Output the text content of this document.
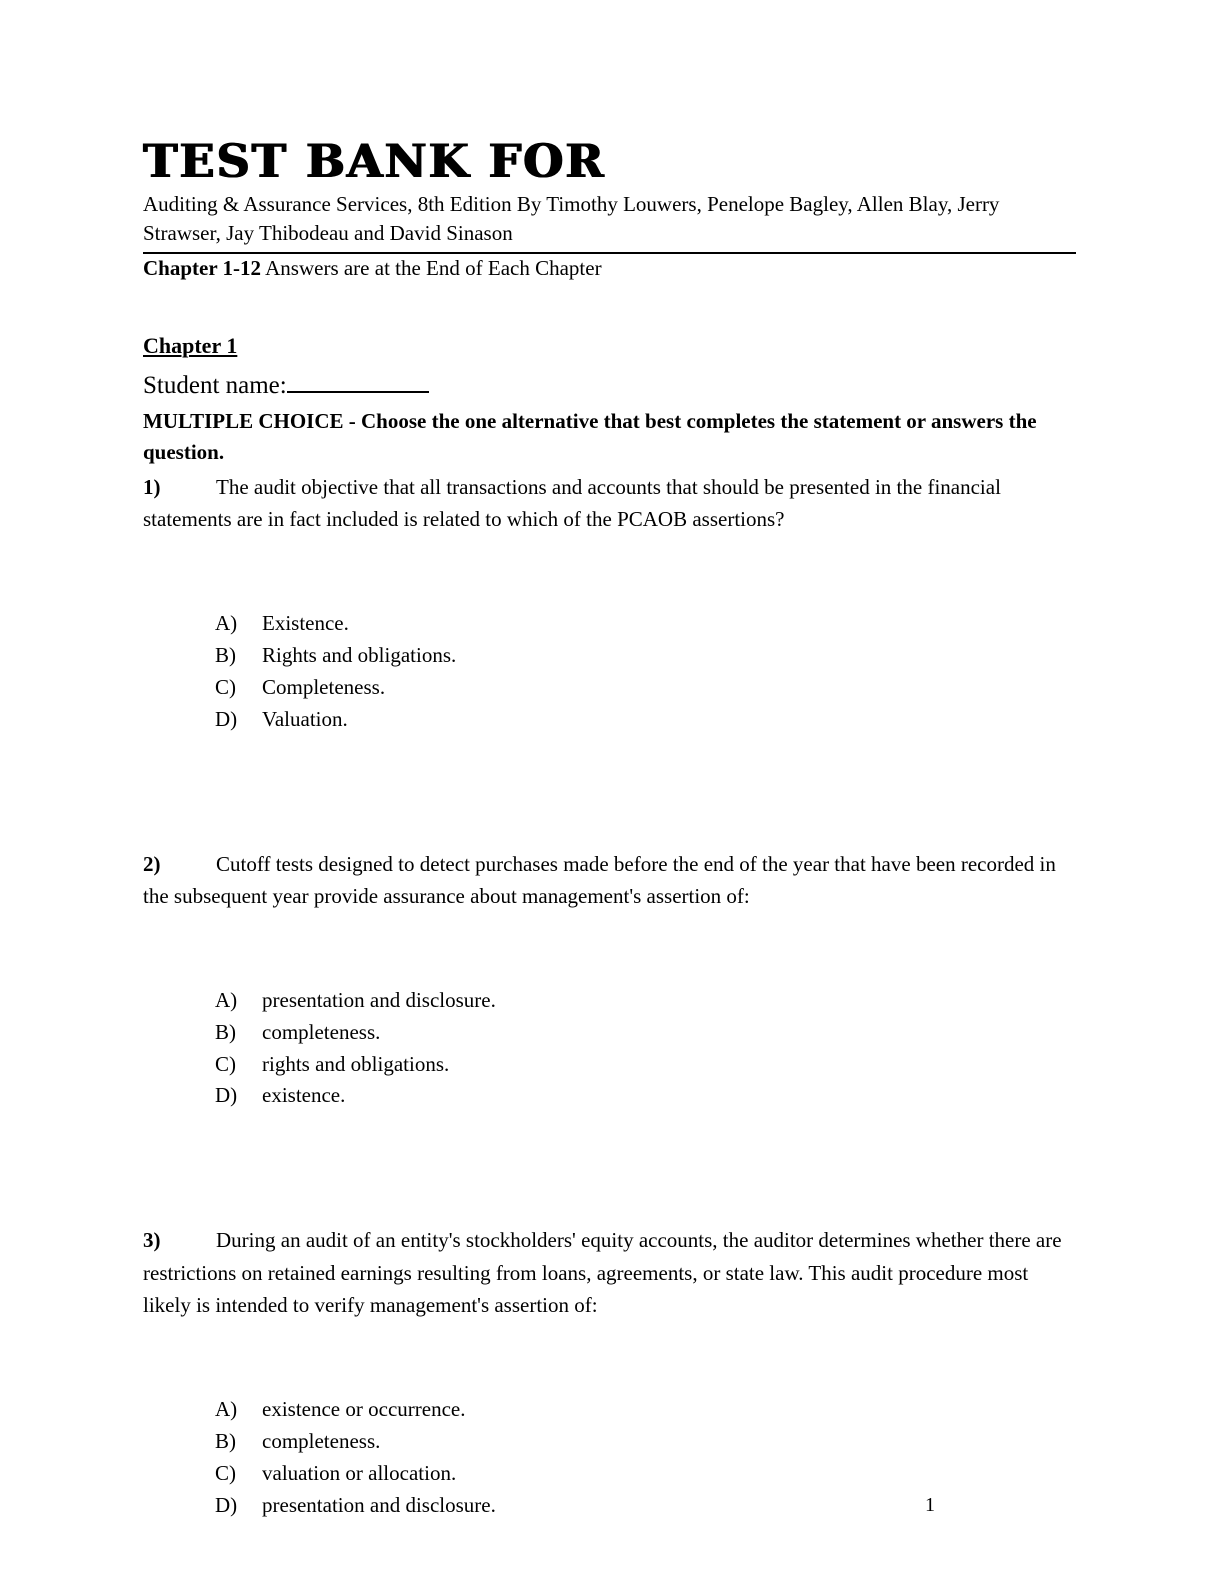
TEST BANK FOR

Auditing & Assurance Services, 8th Edition By Timothy Louwers, Penelope Bagley, Allen Blay, Jerry Strawser, Jay Thibodeau and David Sinason

Chapter 1-12 Answers are at the End of Each Chapter

Chapter 1

Student name:

MULTIPLE CHOICE - Choose the one alternative that best completes the statement or answers the question.

1)	The audit objective that all transactions and accounts that should be presented in the financial statements are in fact included is related to which of the PCAOB assertions?

A) Existence.
B) Rights and obligations.
C) Completeness.
D) Valuation.

2)	Cutoff tests designed to detect purchases made before the end of the year that have been recorded in the subsequent year provide assurance about management's assertion of:

A) presentation and disclosure.
B) completeness.
C) rights and obligations.
D) existence.

3)	During an audit of an entity's stockholders' equity accounts, the auditor determines whether there are restrictions on retained earnings resulting from loans, agreements, or state law. This audit procedure most likely is intended to verify management's assertion of:

A) existence or occurrence.
B) completeness.
C) valuation or allocation.
D) presentation and disclosure.	1
